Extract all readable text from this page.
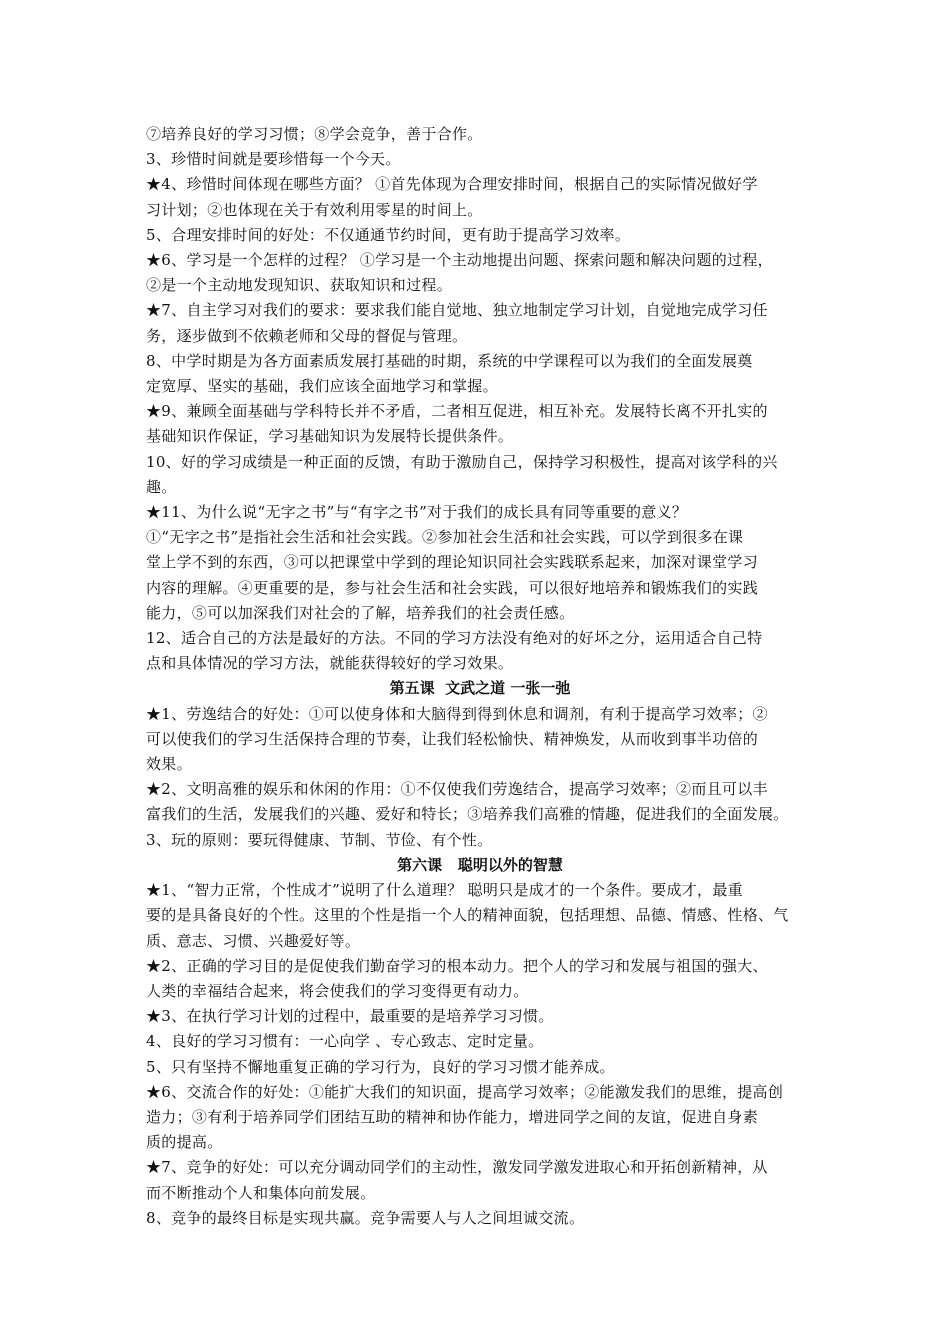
⑦培养良好的学习习惯；⑧学会竞争，善于合作。
3、珍惜时间就是要珍惜每一个今天。
★4、珍惜时间体现在哪些方面？ ①首先体现为合理安排时间，根据自己的实际情况做好学
习计划；②也体现在关于有效利用零星的时间上。
5、合理安排时间的好处：不仅通通节约时间，更有助于提高学习效率。
★6、学习是一个怎样的过程？ ①学习是一个主动地提出问题、探索问题和解决问题的过程，
②是一个主动地发现知识、获取知识和过程。
★7、自主学习对我们的要求：要求我们能自觉地、独立地制定学习计划，自觉地完成学习任
务，逐步做到不依赖老师和父母的督促与管理。
8、中学时期是为各方面素质发展打基础的时期，系统的中学课程可以为我们的全面发展奠
定宽厚、坚实的基础，我们应该全面地学习和掌握。
★9、兼顾全面基础与学科特长并不矛盾，二者相互促进，相互补充。发展特长离不开扎实的
基础知识作保证，学习基础知识为发展特长提供条件。
10、好的学习成绩是一种正面的反馈，有助于激励自己，保持学习积极性，提高对该学科的兴
趣。
★11、为什么说“无字之书”与“有字之书”对于我们的成长具有同等重要的意义？
①“无字之书”是指社会生活和社会实践。②参加社会生活和社会实践，可以学到很多在课
堂上学不到的东西，③可以把课堂中学到的理论知识同社会实践联系起来，加深对课堂学习
内容的理解。④更重要的是，参与社会生活和社会实践，可以很好地培养和锻炼我们的实践
能力，⑤可以加深我们对社会的了解，培养我们的社会责任感。
12、适合自己的方法是最好的方法。不同的学习方法没有绝对的好坏之分，运用适合自己特
点和具体情况的学习方法，就能获得较好的学习效果。
第五课  文武之道 一张一弛
★1、劳逸结合的好处：①可以使身体和大脑得到得到休息和调剂，有利于提高学习效率；②
可以使我们的学习生活保持合理的节奏，让我们轻松愉快、精神焕发，从而收到事半功倍的
效果。
★2、文明高雅的娱乐和休闲的作用：①不仅使我们劳逸结合，提高学习效率；②而且可以丰
富我们的生活，发展我们的兴趣、爱好和特长；③培养我们高雅的情趣，促进我们的全面发展。
3、玩的原则：要玩得健康、节制、节俭、有个性。
第六课   聪明以外的智慧
★1、“智力正常，个性成才”说明了什么道理？ 聪明只是成才的一个条件。要成才，最重
要的是具备良好的个性。这里的个性是指一个人的精神面貌，包括理想、品德、情感、性格、气
质、意志、习惯、兴趣爱好等。
★2、正确的学习目的是促使我们勤奋学习的根本动力。把个人的学习和发展与祖国的强大、
人类的幸福结合起来，将会使我们的学习变得更有动力。
★3、在执行学习计划的过程中，最重要的是培养学习习惯。
4、良好的学习习惯有：一心向学 、专心致志、定时定量。
5、只有坚持不懈地重复正确的学习行为，良好的学习习惯才能养成。
★6、交流合作的好处：①能扩大我们的知识面，提高学习效率；②能激发我们的思维，提高创
造力；③有利于培养同学们团结互助的精神和协作能力，增进同学之间的友谊，促进自身素
质的提高。
★7、竞争的好处：可以充分调动同学们的主动性，激发同学激发进取心和开拓创新精神，从
而不断推动个人和集体向前发展。
8、竞争的最终目标是实现共赢。竞争需要人与人之间坦诚交流。
